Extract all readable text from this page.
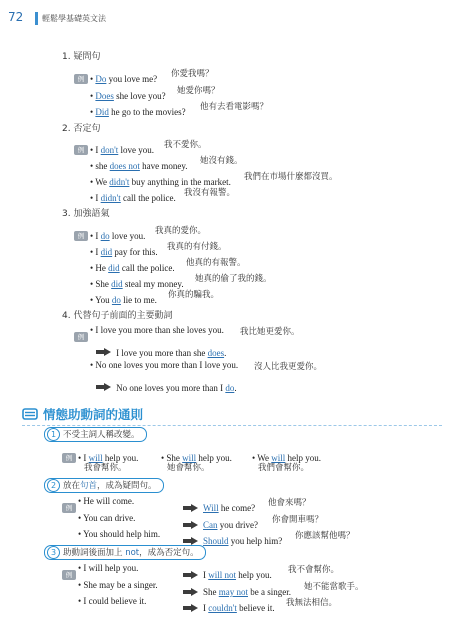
72 輕鬆學基礎英文法
1. 疑問句
例 • Do you love me? 你愛我嗎？
• Does she love you? 她愛你嗎？
• Did he go to the movies? 他有去看電影嗎？
2. 否定句
例 • I don't love you. 我不愛你。
• she does not have money. 她沒有錢。
• We didn't buy anything in the market. 我們在市場什麼都沒買。
• I didn't call the police. 我沒有報警。
3. 加強語氣
例 • I do love you. 我真的愛你。
• I did pay for this. 我真的有付錢。
• He did call the police. 他真的有報警。
• She did steal my money. 她真的偷了我的錢。
• You do lie to me. 你真的騙我。
4. 代替句子前面的主要動詞
例
• I love you more than she loves you. 我比她更愛你。
I love you more than she does.
• No one loves you more than I love you. 沒人比我更愛你。
No one loves you more than I do.
情態助動詞的通則
1 不受主詞人稱改變。
例 • I will help you.
我會幫你。
• She will help you.
她會幫你。
• We will help you.
我們會幫你。
2 放在句首，成為疑問句。
例
• He will come.
Will he come? 他會來嗎？
• You can drive.
Can you drive? 你會開車嗎？
• You should help him.
Should you help him? 你應該幫他嗎？
3 助動詞後面加上 not，成為否定句。
例
• I will help you.
I will not help you. 我不會幫你。
• She may be a singer.
She may not be a singer. 她不能當歌手。
• I could believe it.
I couldn't believe it. 我無法相信。
